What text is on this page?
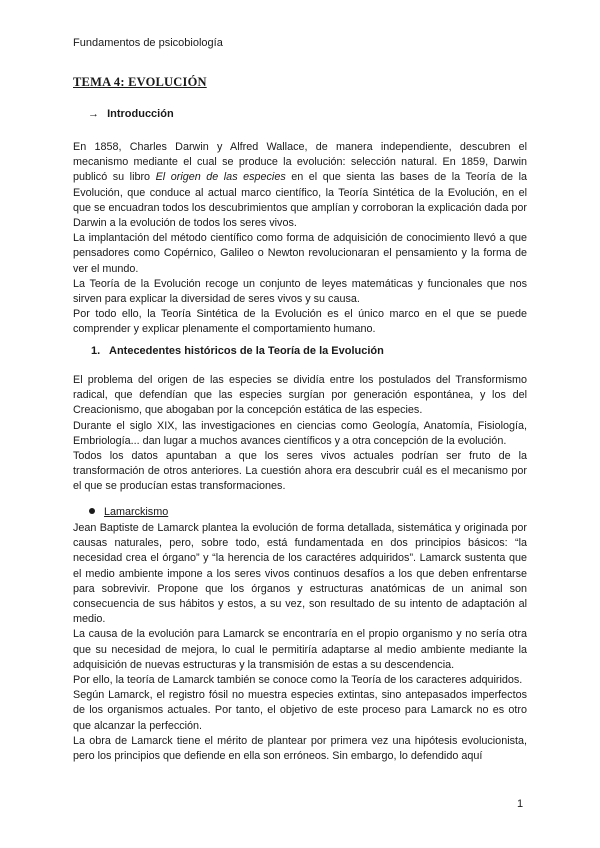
Fundamentos de psicobiología
TEMA 4: EVOLUCIÓN
→ Introducción

En 1858, Charles Darwin y Alfred Wallace, de manera independiente, descubren el mecanismo mediante el cual se produce la evolución: selección natural. En 1859, Darwin publicó su libro El origen de las especies en el que sienta las bases de la Teoría de la Evolución, que conduce al actual marco científico, la Teoría Sintética de la Evolución, en el que se encuadran todos los descubrimientos que amplían y corroboran la explicación dada por Darwin a la evolución de todos los seres vivos.

La implantación del método científico como forma de adquisición de conocimiento llevó a que pensadores como Copérnico, Galileo o Newton revolucionaran el pensamiento y la forma de ver el mundo.

La Teoría de la Evolución recoge un conjunto de leyes matemáticas y funcionales que nos sirven para explicar la diversidad de seres vivos y su causa.

Por todo ello, la Teoría Sintética de la Evolución es el único marco en el que se puede comprender y explicar plenamente el comportamiento humano.

1. Antecedentes históricos de la Teoría de la Evolución

El problema del origen de las especies se dividía entre los postulados del Transformismo radical, que defendían que las especies surgían por generación espontánea, y los del Creacionismo, que abogaban por la concepción estática de las especies.

Durante el siglo XIX, las investigaciones en ciencias como Geología, Anatomía, Fisiología, Embriología... dan lugar a muchos avances científicos y a otra concepción de la evolución.

Todos los datos apuntaban a que los seres vivos actuales podrían ser fruto de la transformación de otros anteriores. La cuestión ahora era descubrir cuál es el mecanismo por el que se producían estas transformaciones.

Lamarckismo

Jean Baptiste de Lamarck plantea la evolución de forma detallada, sistemática y originada por causas naturales, pero, sobre todo, está fundamentada en dos principios básicos: “la necesidad crea el órgano” y “la herencia de los caractéres adquiridos”. Lamarck sustenta que el medio ambiente impone a los seres vivos continuos desafíos a los que deben enfrentarse para sobrevivir. Propone que los órganos y estructuras anatómicas de un animal son consecuencia de sus hábitos y estos, a su vez, son resultado de su intento de adaptación al medio.

La causa de la evolución para Lamarck se encontraría en el propio organismo y no sería otra que su necesidad de mejora, lo cual le permitiría adaptarse al medio ambiente mediante la adquisición de nuevas estructuras y la transmisión de estas a su descendencia.

Por ello, la teoría de Lamarck también se conoce como la Teoría de los caracteres adquiridos.

Según Lamarck, el registro fósil no muestra especies extintas, sino antepasados imperfectos de los organismos actuales. Por tanto, el objetivo de este proceso para Lamarck no es otro que alcanzar la perfección.

La obra de Lamarck tiene el mérito de plantear por primera vez una hipótesis evolucionista, pero los principios que defiende en ella son erróneos. Sin embargo, lo defendido aquí

1
